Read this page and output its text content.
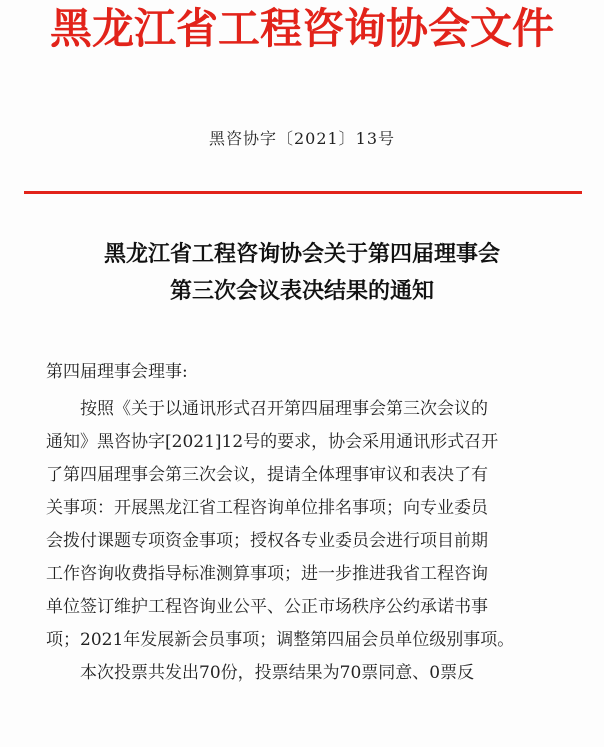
黑龙江省工程咨询协会文件
黑咨协字〔2021〕13号
黑龙江省工程咨询协会关于第四届理事会
第三次会议表决结果的通知
第四届理事会理事:
按照《关于以通讯形式召开第四届理事会第三次会议的
通知》黑咨协字[2021]12号的要求，协会采用通讯形式召开
了第四届理事会第三次会议，提请全体理事审议和表决了有
关事项：开展黑龙江省工程咨询单位排名事项；向专业委员
会拨付课题专项资金事项；授权各专业委员会进行项目前期
工作咨询收费指导标准测算事项；进一步推进我省工程咨询
单位签订维护工程咨询业公平、公正市场秩序公约承诺书事
项；2021年发展新会员事项；调整第四届会员单位级别事项。
本次投票共发出70份，投票结果为70票同意、0票反
